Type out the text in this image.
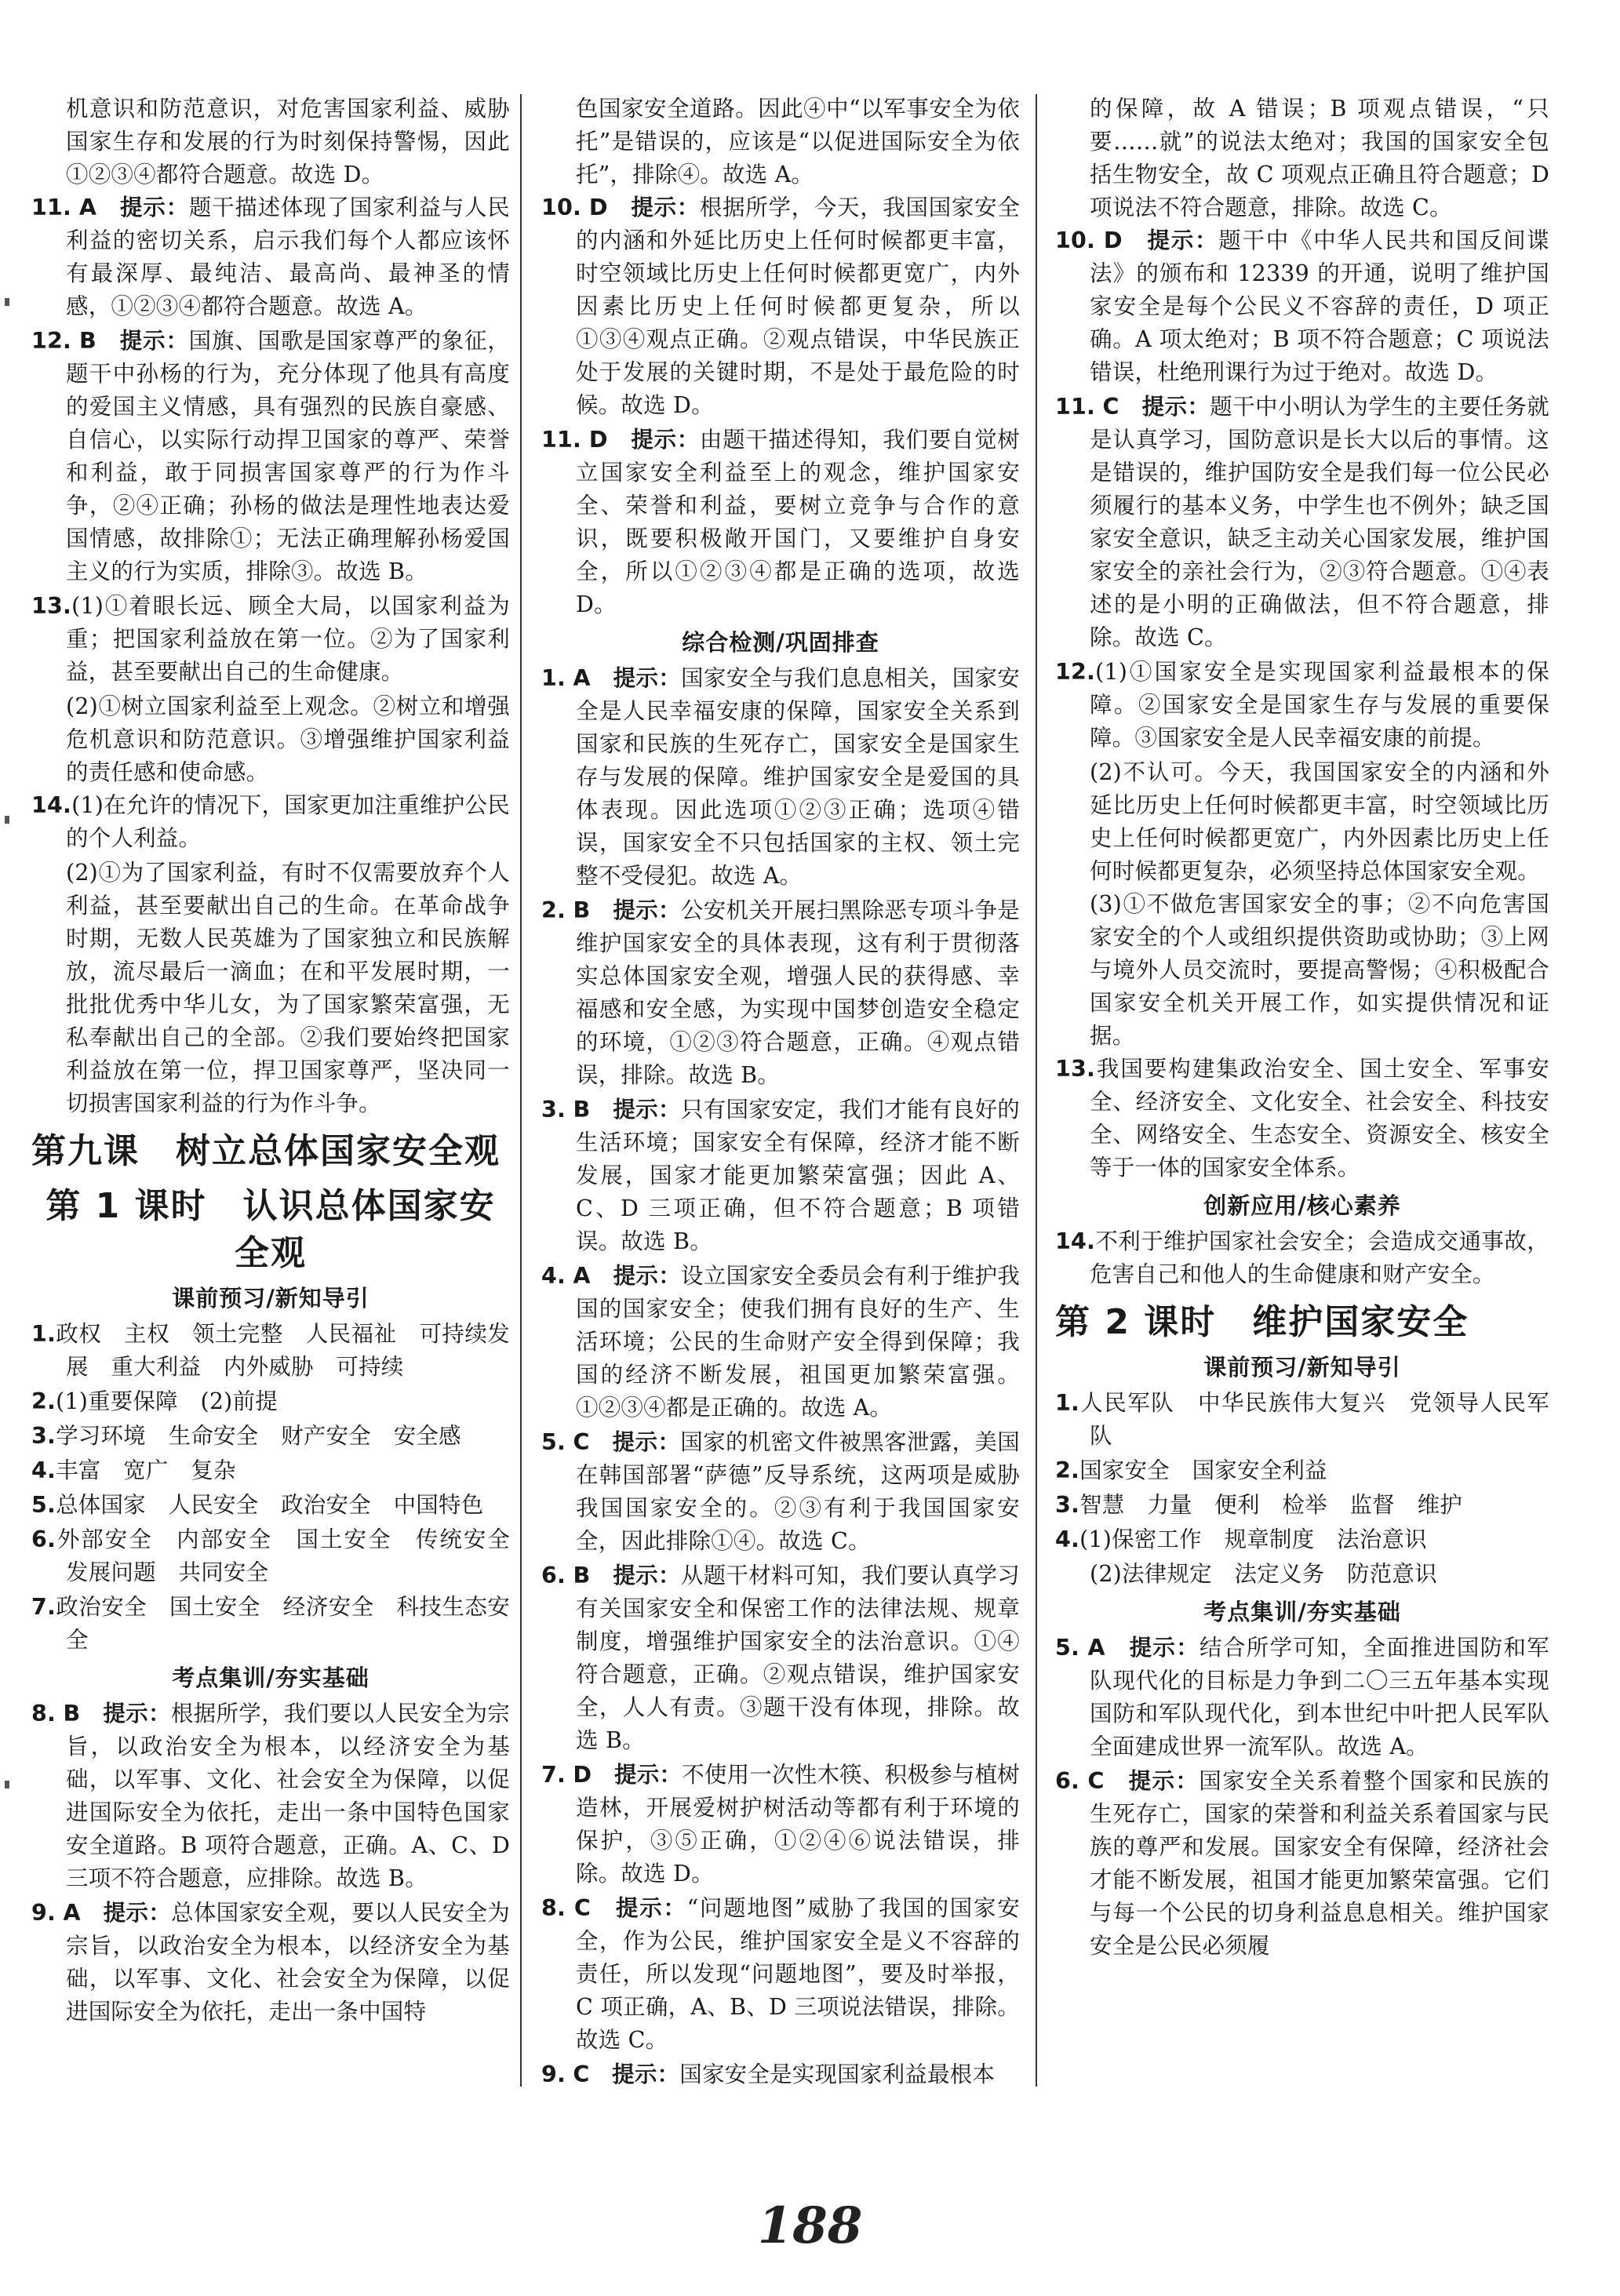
机意识和防范意识，对危害国家利益、威胁国家生存和发展的行为时刻保持警惕，因此①②③④都符合题意。故选 D。
11. A　 提示：题干描述体现了国家利益与人民利益的密切关系，启示我们每个人都应该怀有最深厚、最纯洁、最高尚、最神圣的情感，①②③④都符合题意。故选 A。
12. B　 提示：国旗、国歌是国家尊严的象征，题干中孙杨的行为，充分体现了他具有高度的爱国主义情感，具有强烈的民族自豪感、自信心，以实际行动捍卫国家的尊严、荣誉和利益，敢于同损害国家尊严的行为作斗争，②④正确；孙杨的做法是理性地表达爱国情感，故排除①；无法正确理解孙杨爱国主义的行为实质，排除③。故选 B。
13.(1)①着眼长远、顾全大局，以国家利益为重；把国家利益放在第一位。②为了国家利益，甚至要献出自己的生命健康。
(2)①树立国家利益至上观念。②树立和增强危机意识和防范意识。③增强维护国家利益的责任感和使命感。
14.(1)在允许的情况下，国家更加注重维护公民的个人利益。
(2)①为了国家利益，有时不仅需要放弃个人利益，甚至要献出自己的生命。在革命战争时期，无数人民英雄为了国家独立和民族解放，流尽最后一滴血；在和平发展时期，一批批优秀中华儿女，为了国家繁荣富强，无私奉献出自己的全部。②我们要始终把国家利益放在第一位，捍卫国家尊严，坚决同一切损害国家利益的行为作斗争。
第九课　树立总体国家安全观
第 1 课时　认识总体国家安全观
课前预习/新知导引
1.政权　主权　领土完整　人民福祉　可持续发展　重大利益　内外威胁　可持续
2.(1)重要保障　(2)前提
3.学习环境　生命安全　财产安全　安全感
4.丰富　宽广　复杂
5.总体国家　人民安全　政治安全　中国特色
6.外部安全　内部安全　国土安全　传统安全　发展问题　共同安全
7.政治安全　国土安全　经济安全　科技生态安全
考点集训/夯实基础
8. B　 提示：根据所学，我们要以人民安全为宗旨，以政治安全为根本，以经济安全为基础，以军事、文化、社会安全为保障，以促进国际安全为依托，走出一条中国特色国家安全道路。B 项符合题意，正确。A、C、D 三项不符合题意，应排除。故选 B。
9. A　 提示：总体国家安全观，要以人民安全为宗旨，以政治安全为根本，以经济安全为基础，以军事、文化、社会安全为保障，以促进国际安全为依托，走出一条中国特
色国家安全道路。因此④中“以军事安全为依托”是错误的，应该是“以促进国际安全为依托”，排除④。故选 A。
10. D　 提示：根据所学，今天，我国国家安全的内涵和外延比历史上任何时候都更丰富，时空领域比历史上任何时候都更宽广，内外因素比历史上任何时候都更复杂，所以①③④观点正确。②观点错误，中华民族正处于发展的关键时期，不是处于最危险的时候。故选 D。
11. D　 提示：由题干描述得知，我们要自觉树立国家安全利益至上的观念，维护国家安全、荣誉和利益，要树立竞争与合作的意识，既要积极敞开国门，又要维护自身安全，所以①②③④都是正确的选项，故选 D。
综合检测/巩固排查
1. A　 提示：国家安全与我们息息相关，国家安全是人民幸福安康的保障，国家安全关系到国家和民族的生死存亡，国家安全是国家生存与发展的保障。维护国家安全是爱国的具体表现。因此选项①②③正确；选项④错误，国家安全不只包括国家的主权、领土完整不受侵犯。故选 A。
2. B　 提示：公安机关开展扫黑除恶专项斗争是维护国家安全的具体表现，这有利于贯彻落实总体国家安全观，增强人民的获得感、幸福感和安全感，为实现中国梦创造安全稳定的环境，①②③符合题意，正确。④观点错误，排除。故选 B。
3. B　 提示：只有国家安定，我们才能有良好的生活环境；国家安全有保障，经济才能不断发展，国家才能更加繁荣富强；因此 A、C、D 三项正确，但不符合题意；B 项错误。故选 B。
4. A　 提示：设立国家安全委员会有利于维护我国的国家安全；使我们拥有良好的生产、生活环境；公民的生命财产安全得到保障；我国的经济不断发展，祖国更加繁荣富强。①②③④都是正确的。故选 A。
5. C　 提示：国家的机密文件被黑客泄露，美国在韩国部署“萨德”反导系统，这两项是威胁我国国家安全的。②③有利于我国国家安全，因此排除①④。故选 C。
6. B　 提示：从题干材料可知，我们要认真学习有关国家安全和保密工作的法律法规、规章制度，增强维护国家安全的法治意识。①④符合题意，正确。②观点错误，维护国家安全，人人有责。③题干没有体现，排除。故选 B。
7. D　 提示：不使用一次性木筷、积极参与植树造林，开展爱树护树活动等都有利于环境的保护，③⑤正确，①②④⑥说法错误，排除。故选 D。
8. C　 提示：“问题地图”威胁了我国的国家安全，作为公民，维护国家安全是义不容辞的责任，所以发现“问题地图”，要及时举报，C 项正确，A、B、D 三项说法错误，排除。故选 C。
9. C　 提示：国家安全是实现国家利益最根本
的保障，故 A 错误；B 项观点错误，“只要……就”的说法太绝对；我国的国家安全包括生物安全，故 C 项观点正确且符合题意；D 项说法不符合题意，排除。故选 C。
10. D　 提示：题干中《中华人民共和国反间谍法》的颁布和 12339 的开通，说明了维护国家安全是每个公民义不容辞的责任，D 项正确。A 项太绝对；B 项不符合题意；C 项说法错误，杜绝刑课行为过于绝对。故选 D。
11. C　 提示：题干中小明认为学生的主要任务就是认真学习，国防意识是长大以后的事情。这是错误的，维护国防安全是我们每一位公民必须履行的基本义务，中学生也不例外；缺乏国家安全意识，缺乏主动关心国家发展，维护国家安全的亲社会行为，②③符合题意。①④表述的是小明的正确做法，但不符合题意，排除。故选 C。
12.(1)①国家安全是实现国家利益最根本的保障。②国家安全是国家生存与发展的重要保障。③国家安全是人民幸福安康的前提。
(2)不认可。今天，我国国家安全的内涵和外延比历史上任何时候都更丰富，时空领域比历史上任何时候都更宽广，内外因素比历史上任何时候都更复杂，必须坚持总体国家安全观。
(3)①不做危害国家安全的事；②不向危害国家安全的个人或组织提供资助或协助；③上网与境外人员交流时，要提高警惕；④积极配合国家安全机关开展工作，如实提供情况和证据。
13.我国要构建集政治安全、国土安全、军事安全、经济安全、文化安全、社会安全、科技安全、网络安全、生态安全、资源安全、核安全等于一体的国家安全体系。
创新应用/核心素养
14.不利于维护国家社会安全；会造成交通事故，危害自己和他人的生命健康和财产安全。
第 2 课时　维护国家安全
课前预习/新知导引
1.人民军队　中华民族伟大复兴　党领导人民军队
2.国家安全　国家安全利益
3.智慧　力量　便利　检举　监督　维护
4.(1)保密工作　规章制度　法治意识
(2)法律规定　法定义务　防范意识
考点集训/夯实基础
5. A　 提示：结合所学可知，全面推进国防和军队现代化的目标是力争到二〇三五年基本实现国防和军队现代化，到本世纪中叶把人民军队全面建成世界一流军队。故选 A。
6. C　 提示：国家安全关系着整个国家和民族的生死存亡，国家的荣誉和利益关系着国家与民族的尊严和发展。国家安全有保障，经济社会才能不断发展，祖国才能更加繁荣富强。它们与每一个公民的切身利益息息相关。维护国家安全是公民必须履
188
